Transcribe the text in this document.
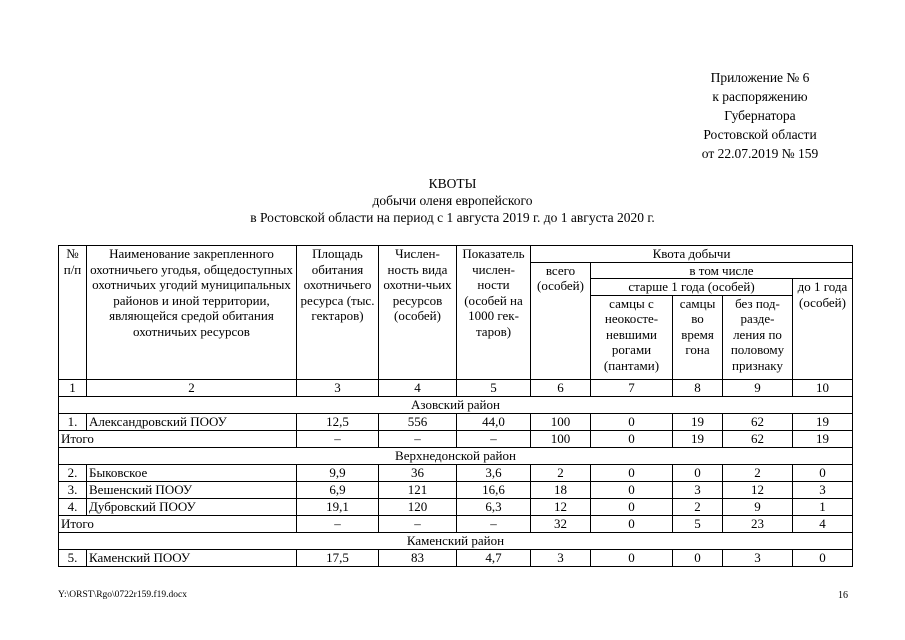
Приложение № 6
к распоряжению
Губернатора
Ростовской области
от 22.07.2019 № 159
КВОТЫ
добычи оленя европейского
в Ростовской области на период с 1 августа 2019 г. до 1 августа 2020 г.
№ п/п	Наименование закрепленного охотничьего угодья, общедоступных охотничьих угодий муниципальных районов и иной территории, являющейся средой обитания охотничьих ресурсов	Площадь обитания охотничьего ресурса (тыс. гектаров)	Числен-ность вида охотни-чьих ресурсов (особей)	Показатель числен-ности (особей на 1000 гек-таров)	Квота добычи				
					всего (особей)	в том числе			
						старше 1 года (особей)			до 1 года (особей)
						самцы с неокосте-невшими рогами (пантами)	самцы во время гона	без под-разде-ления по половому признаку	
1	2	3	4	5	6	7	8	9	10
Азовский район									
1.	Александровский ПООУ	12,5	556	44,0	100	0	19	62	19
Итого		–	–	–	100	0	19	62	19
Верхнедонской район									
2.	Быковское	9,9	36	3,6	2	0	0	2	0
3.	Вешенский ПООУ	6,9	121	16,6	18	0	3	12	3
4.	Дубровский ПООУ	19,1	120	6,3	12	0	2	9	1
Итого		–	–	–	32	0	5	23	4
Каменский район									
5.	Каменский ПООУ	17,5	83	4,7	3	0	0	3	0
Y:\ORST\Rgo\0722r159.f19.docx	16
